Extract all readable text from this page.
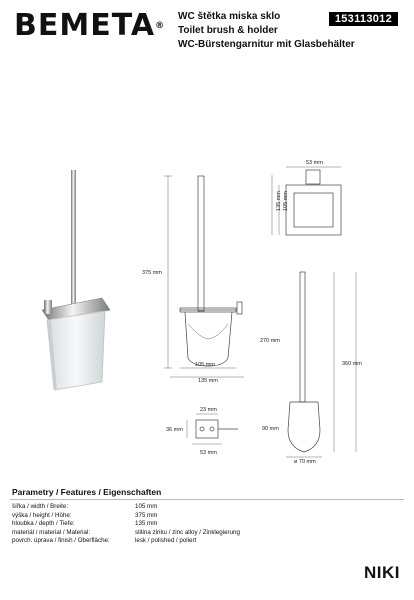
BEMETA®
WC štětka miska sklo
Toilet brush & holder
WC-Bürstengarnitur mit Glasbehälter
153113012
375 mm
105 mm
135 mm
53 mm
135 mm 105 mm
270 mm
360 mm
90 mm
ø 70 mm
23 mm
36 mm
53 mm
Parametry / Features / Eigenschaften
šířka / width / Breite:	105 mm
výška / height / Höhe:	375 mm
hloubka / depth / Tiefe:	135 mm
materiál / material / Material:	slitina zinku / zinc alloy / Zinklegierung
povrch. úprava / finish / Oberfläche:	lesk / polished / poliert
NIKI
